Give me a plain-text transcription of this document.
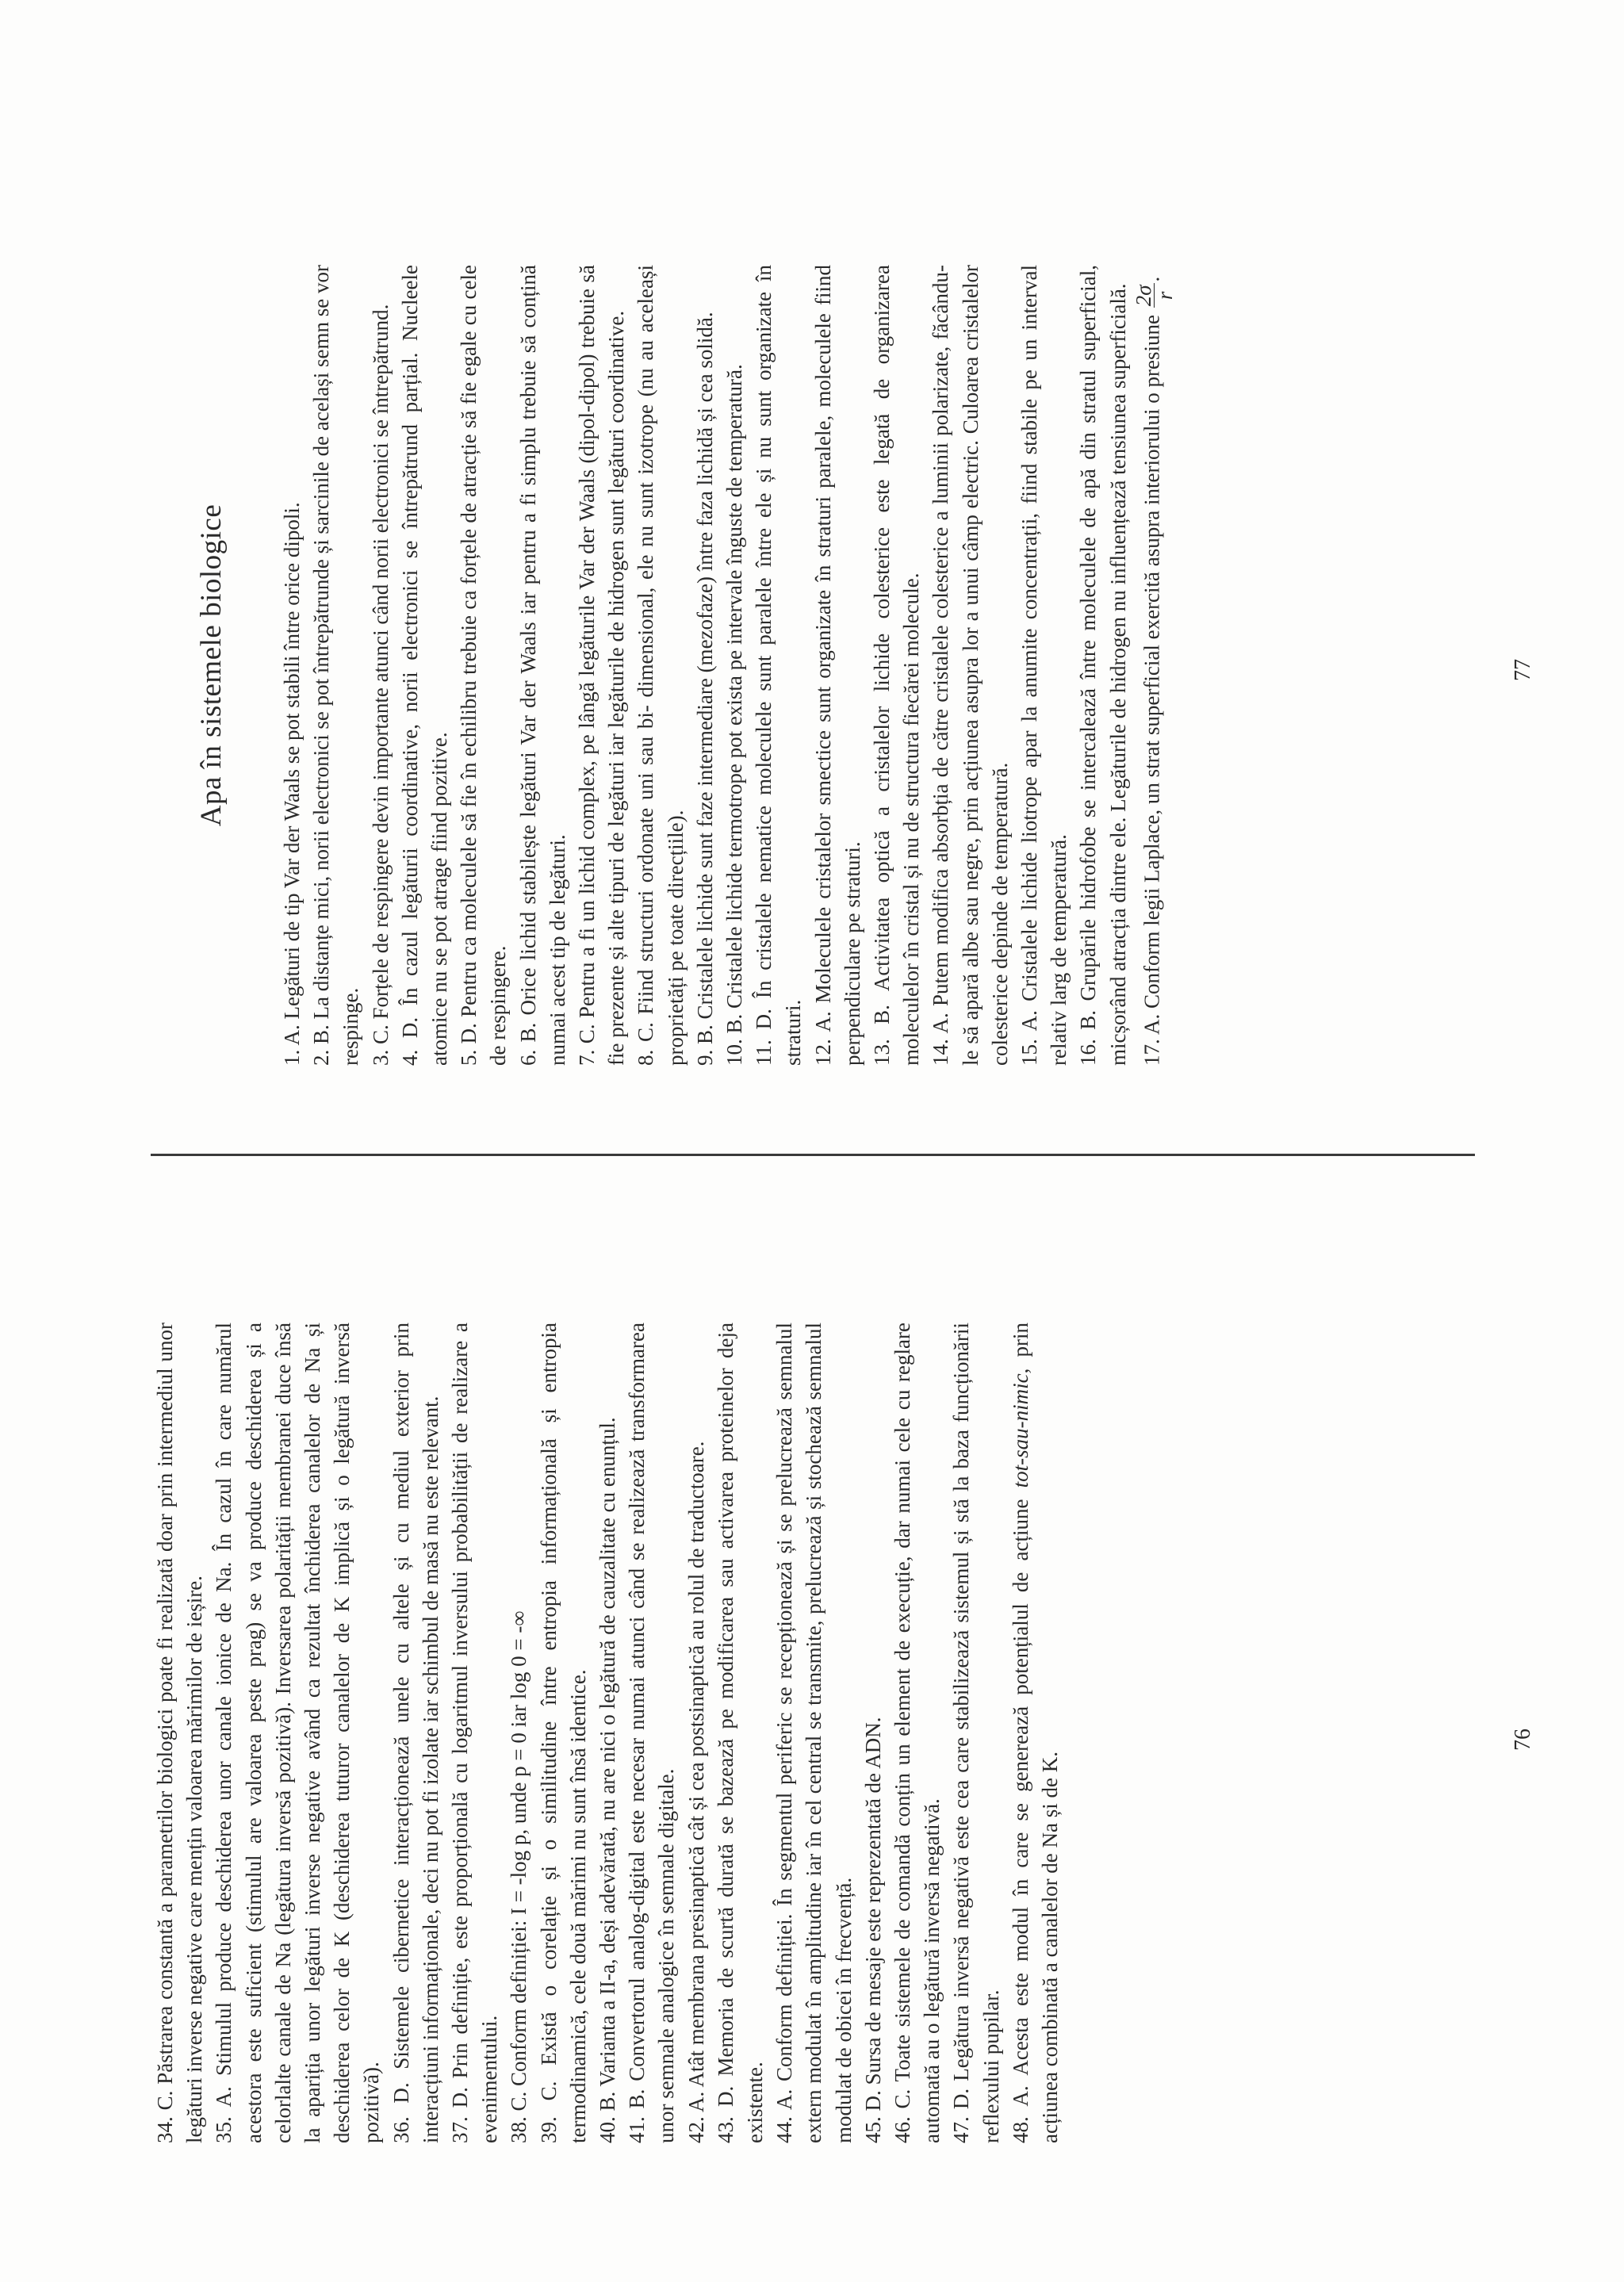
34. C. Păstrarea constantă a parametrilor biologici poate fi realizată doar prin intermediul unor legături inverse negative care mențin valoarea mărimilor de ieșire. 35. A. Stimulul produce deschiderea unor canale ionice de Na. În cazul în care numărul acestora este suficient (stimulul are valoarea peste prag) se va produce deschiderea și a celorlalte canale de Na (legătura inversă pozitivă). Inversarea polarității membranei duce însă la apariția unor legături inverse negative având ca rezultat închiderea canalelor de Na și deschiderea celor de K (deschiderea tuturor canalelor de K implică și o legătură inversă pozitivă). 36. D. Sistemele cibernetice interacționează unele cu altele și cu mediul exterior prin interacțiuni informaționale, deci nu pot fi izolate iar schimbul de masă nu este relevant. 37. D. Prin definiție, este proporțională cu logaritmul inversului probabilității de realizare a evenimentului. 38. C. Conform definiției: I = -log p, unde p = 0 iar log 0 = -∞ 39. C. Există o corelație și o similitudine între entropia informațională și entropia termodinamică, cele două mărimi nu sunt însă identice. 40. B. Varianta a II-a, deși adevărată, nu are nici o legătură de cauzalitate cu enunțul. 41. B. Convertorul analog-digital este necesar numai atunci când se realizează transformarea unor semnale analogice în semnale digitale. 42. A. Atât membrana presinaptică cât și cea postsinaptică au rolul de traductoare. 43. D. Memoria de scurtă durată se bazează pe modificarea sau activarea proteinelor deja existente. 44. A. Conform definiției. În segmentul periferic se recepționează și se prelucrează semnalul extern modulat în amplitudine iar în cel central se transmite, prelucrează și stochează semnalul modulat de obicei în frecvență. 45. D. Sursa de mesaje este reprezentată de ADN. 46. C. Toate sistemele de comandă conțin un element de execuție, dar numai cele cu reglare automată au o legătură inversă negativă. 47. D. Legătura inversă negativă este cea care stabilizează sistemul și stă la baza funcționării reflexului pupilar. 48. A. Acesta este modul în care se generează potențialul de acțiune tot-sau-nimic, prin acțiunea combinată a canalelor de Na și de K.

76
Apa în sistemele biologice 1. A. Legături de tip Var der Waals se pot stabili între orice dipoli. 2. B. La distanțe mici, norii electronici se pot întrepătrunde și sarcinile de același semn se vor respinge. 3. C. Forțele de respingere devin importante atunci când norii electronici se întrepătrund. 4. D. În cazul legăturii coordinative, norii electronici se întrepătrund parțial. Nucleele atomice nu se pot atrage fiind pozitive. 5. D. Pentru ca moleculele să fie în echilibru trebuie ca forțele de atracție să fie egale cu cele de respingere. 6. B. Orice lichid stabilește legături Var der Waals iar pentru a fi simplu trebuie să conțină numai acest tip de legături. 7. C. Pentru a fi un lichid complex, pe lângă legăturile Var der Waals (dipol-dipol) trebuie să fie prezente și alte tipuri de legături iar legăturile de hidrogen sunt legături coordinative. 8. C. Fiind structuri ordonate uni sau bi- dimensional, ele nu sunt izotrope (nu au aceleași proprietăți pe toate direcțiile). 9. B. Cristalele lichide sunt faze intermediare (mezofaze) între faza lichidă și cea solidă. 10. B. Cristalele lichide termotrope pot exista pe intervale înguste de temperatură. 11. D. În cristalele nematice moleculele sunt paralele între ele și nu sunt organizate în straturi. 12. A. Moleculele cristalelor smectice sunt organizate în straturi paralele, moleculele fiind perpendiculare pe straturi. 13. B. Activitatea optică a cristalelor lichide colesterice este legată de organizarea moleculelor în cristal și nu de structura fiecărei molecule. 14. A. Putem modifica absorbția de către cristalele colesterice a luminii polarizate, făcându-le să apară albe sau negre, prin acțiunea asupra lor a unui câmp electric. Culoarea cristalelor colesterice depinde de temperatură. 15. A. Cristalele lichide liotrope apar la anumite concentrații, fiind stabile pe un interval relativ larg de temperatură. 16. B. Grupările hidrofobe se intercalează între moleculele de apă din stratul superficial, micșorând atracția dintre ele. Legăturile de hidrogen nu influențează tensiunea superficială. 17. A. Conform legii Laplace, un strat superficial exercită asupra interiorului o presiune
2σ
r
.

77
